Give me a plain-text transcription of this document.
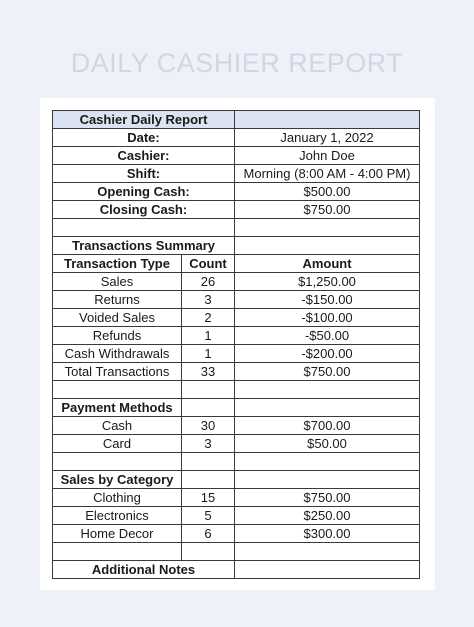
DAILY CASHIER REPORT
Cashier Daily Report		
Date:		January 1, 2022
Cashier:		John Doe
Shift:		Morning (8:00 AM - 4:00 PM)
Opening Cash:		$500.00
Closing Cash:		$750.00

Transactions Summary		
Transaction Type	Count	Amount
Sales	26	$1,250.00
Returns	3	-$150.00
Voided Sales	2	-$100.00
Refunds	1	-$50.00
Cash Withdrawals	1	-$200.00
Total Transactions	33	$750.00

Payment Methods		
Cash	30	$700.00
Card	3	$50.00

Sales by Category		
Clothing	15	$750.00
Electronics	5	$250.00
Home Decor	6	$300.00

Additional Notes		
